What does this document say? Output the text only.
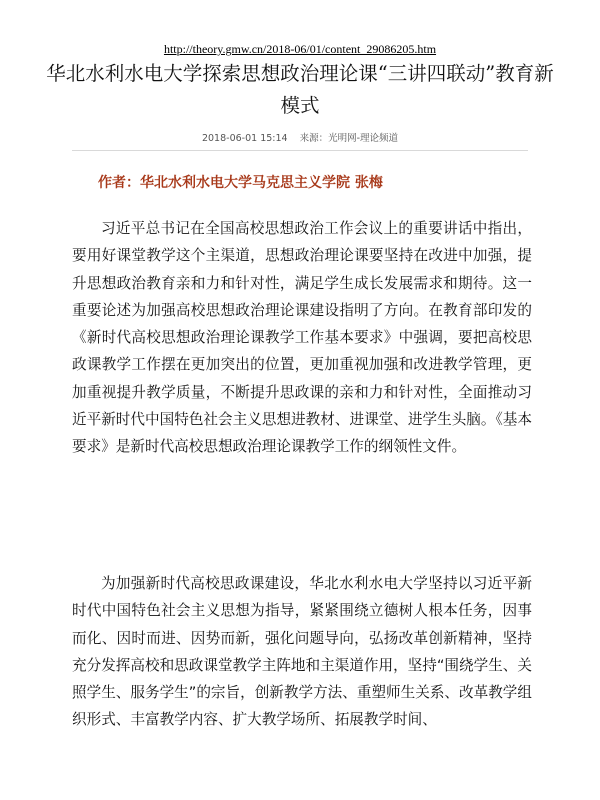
http://theory.gmw.cn/2018-06/01/content_29086205.htm
华北水利水电大学探索思想政治理论课“三讲四联动”教育新模式
2018-06-01 15:14 来源：光明网-理论频道
作者：华北水利水电大学马克思主义学院 张梅

习近平总书记在全国高校思想政治工作会议上的重要讲话中指出，要用好课堂教学这个主渠道，思想政治理论课要坚持在改进中加强，提升思想政治教育亲和力和针对性，满足学生成长发展需求和期待。这一重要论述为加强高校思想政治理论课建设指明了方向。在教育部印发的《新时代高校思想政治理论课教学工作基本要求》中强调，要把高校思政课教学工作摆在更加突出的位置，更加重视加强和改进教学管理，更加重视提升教学质量，不断提升思政课的亲和力和针对性，全面推动习近平新时代中国特色社会主义思想进教材、进课堂、进学生头脑。《基本要求》是新时代高校思想政治理论课教学工作的纲领性文件。

为加强新时代高校思政课建设，华北水利水电大学坚持以习近平新时代中国特色社会主义思想为指导，紧紧围绕立德树人根本任务，因事而化、因时而进、因势而新，强化问题导向，弘扬改革创新精神，坚持充分发挥高校和思政课堂教学主阵地和主渠道作用，坚持“围绕学生、关照学生、服务学生”的宗旨，创新教学方法、重塑师生关系、改革教学组织形式、丰富教学内容、扩大教学场所、拓展教学时间、
